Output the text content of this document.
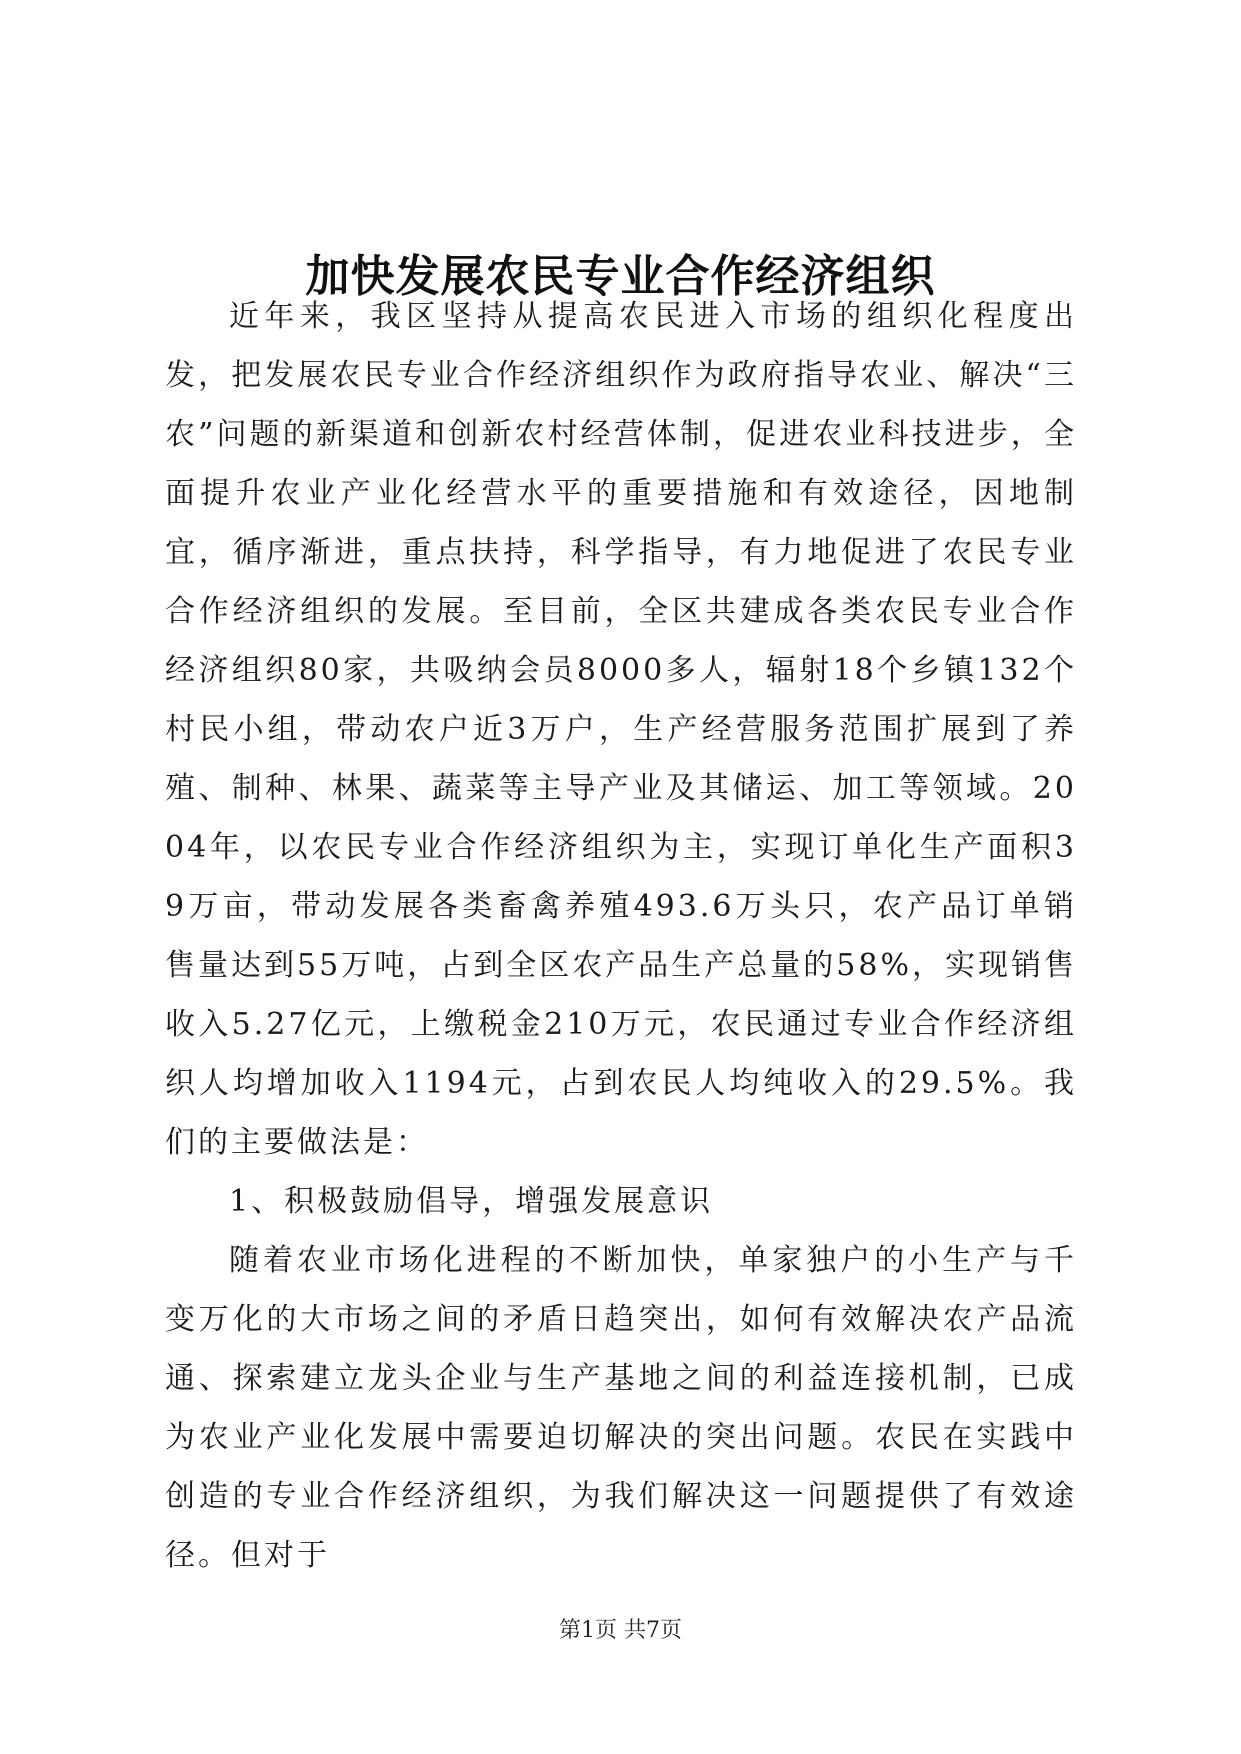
加快发展农民专业合作经济组织

近年来，我区坚持从提高农民进入市场的组织化程度出发，把发展农民专业合作经济组织作为政府指导农业、解决“三农”问题的新渠道和创新农村经营体制，促进农业科技进步，全面提升农业产业化经营水平的重要措施和有效途径，因地制宜，循序渐进，重点扶持，科学指导，有力地促进了农民专业合作经济组织的发展。至目前，全区共建成各类农民专业合作经济组织80家，共吸纳会员8000多人，辐射18个乡镇132个村民小组，带动农户近3万户，生产经营服务范围扩展到了养殖、制种、林果、蔬菜等主导产业及其储运、加工等领域。2004年，以农民专业合作经济组织为主，实现订单化生产面积39万亩，带动发展各类畜禽养殖493.6万头只，农产品订单销售量达到55万吨，占到全区农产品生产总量的58%，实现销售收入5.27亿元，上缴税金210万元，农民通过专业合作经济组织人均增加收入1194元，占到农民人均纯收入的29.5%。我们的主要做法是：

1、积极鼓励倡导，增强发展意识

随着农业市场化进程的不断加快，单家独户的小生产与千变万化的大市场之间的矛盾日趋突出，如何有效解决农产品流通、探索建立龙头企业与生产基地之间的利益连接机制，已成为农业产业化发展中需要迫切解决的突出问题。农民在实践中创造的专业合作经济组织，为我们解决这一问题提供了有效途径。但对于

第1页 共7页
